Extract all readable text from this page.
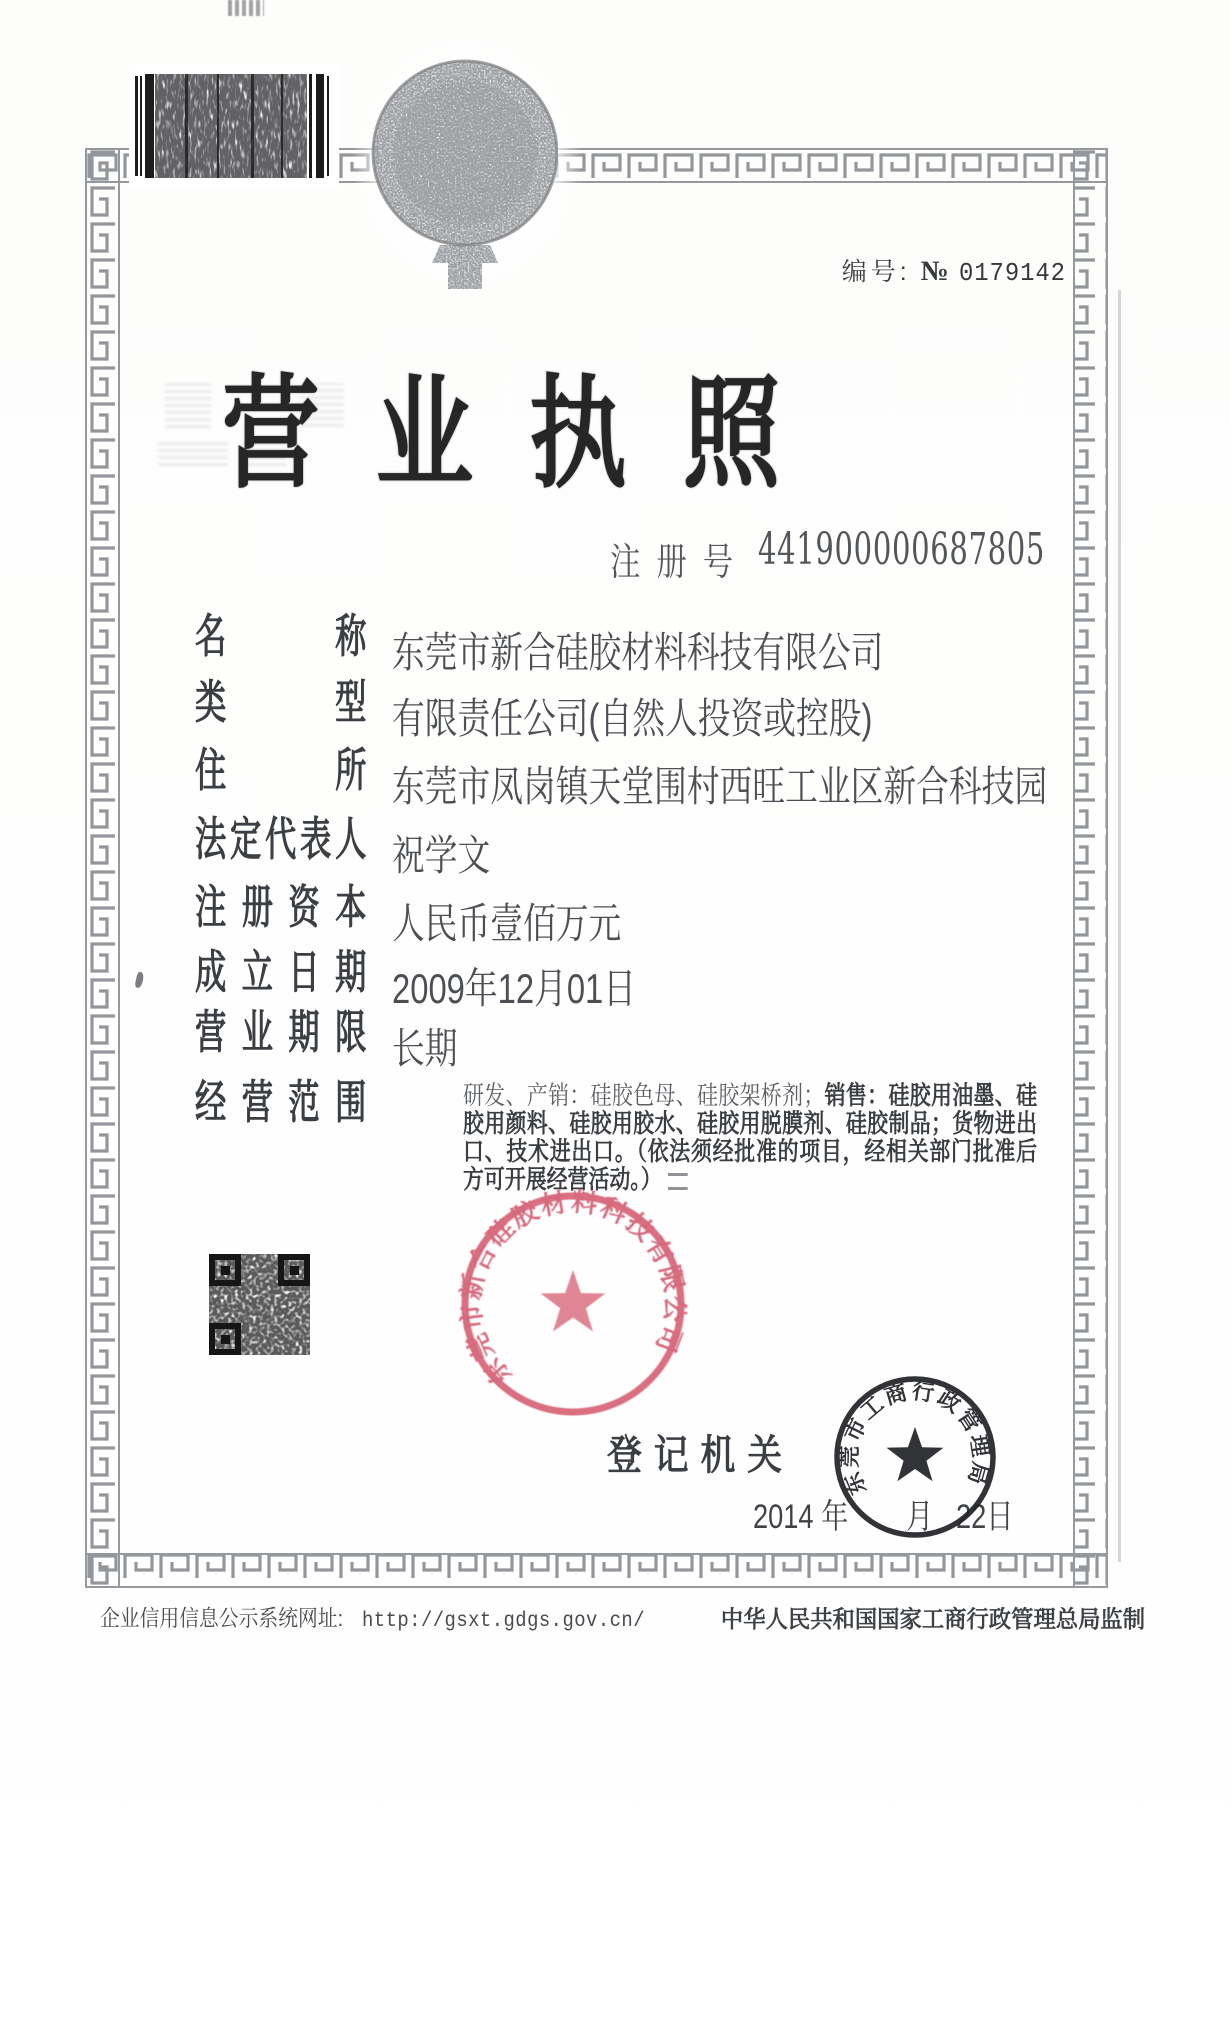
编号: № 0179142
营业执照
注册号 441900000687805
名称 东莞市新合硅胶材料科技有限公司
类型 有限责任公司(自然人投资或控股)
住所 东莞市凤岗镇天堂围村西旺工业区新合科技园
法定代表人 祝学文
注册资本 人民币壹佰万元
成立日期 2009年12月01日
营业期限 长期
经营范围	研发、产销：硅胶色母、硅胶架桥剂；销售：硅胶用油墨、硅胶用颜料、硅胶用胶水、硅胶用脱膜剂、硅胶制品；货物进出口、技术进出口。（依法须经批准的项目，经相关部门批准后方可开展经营活动。）
东莞市新合硅胶材料科技有限公司
登记机关
2014 年 月 22日
东莞市工商行政管理局
企业信用信息公示系统网址: http://gsxt.gdgs.gov.cn/	中华人民共和国国家工商行政管理总局监制
